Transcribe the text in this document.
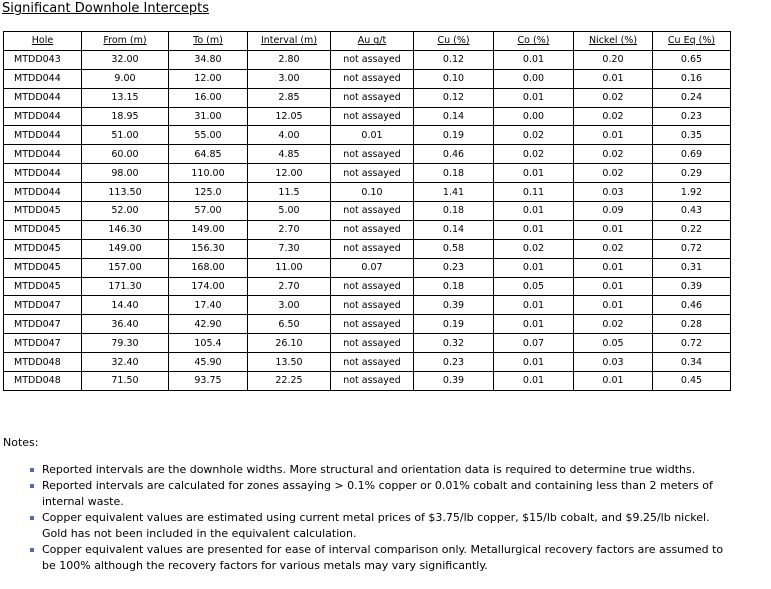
Significant Downhole Intercepts
Hole	From (m)	To (m)	Interval (m)	Au g/t	Cu (%)	Co (%)	Nickel (%)	Cu Eq (%)
MTDD043	32.00	34.80	2.80	not assayed	0.12	0.01	0.20	0.65
MTDD044	9.00	12.00	3.00	not assayed	0.10	0.00	0.01	0.16
MTDD044	13.15	16.00	2.85	not assayed	0.12	0.01	0.02	0.24
MTDD044	18.95	31.00	12.05	not assayed	0.14	0.00	0.02	0.23
MTDD044	51.00	55.00	4.00	0.01	0.19	0.02	0.01	0.35
MTDD044	60.00	64.85	4.85	not assayed	0.46	0.02	0.02	0.69
MTDD044	98.00	110.00	12.00	not assayed	0.18	0.01	0.02	0.29
MTDD044	113.50	125.0	11.5	0.10	1.41	0.11	0.03	1.92
MTDD045	52.00	57.00	5.00	not assayed	0.18	0.01	0.09	0.43
MTDD045	146.30	149.00	2.70	not assayed	0.14	0.01	0.01	0.22
MTDD045	149.00	156.30	7.30	not assayed	0.58	0.02	0.02	0.72
MTDD045	157.00	168.00	11.00	0.07	0.23	0.01	0.01	0.31
MTDD045	171.30	174.00	2.70	not assayed	0.18	0.05	0.01	0.39
MTDD047	14.40	17.40	3.00	not assayed	0.39	0.01	0.01	0.46
MTDD047	36.40	42.90	6.50	not assayed	0.19	0.01	0.02	0.28
MTDD047	79.30	105.4	26.10	not assayed	0.32	0.07	0.05	0.72
MTDD048	32.40	45.90	13.50	not assayed	0.23	0.01	0.03	0.34
MTDD048	71.50	93.75	22.25	not assayed	0.39	0.01	0.01	0.45
Notes:
Reported intervals are the downhole widths. More structural and orientation data is required to determine true widths.
Reported intervals are calculated for zones assaying > 0.1% copper or 0.01% cobalt and containing less than 2 meters of internal waste.
Copper equivalent values are estimated using current metal prices of $3.75/lb copper, $15/lb cobalt, and $9.25/lb nickel. Gold has not been included in the equivalent calculation.
Copper equivalent values are presented for ease of interval comparison only. Metallurgical recovery factors are assumed to be 100% although the recovery factors for various metals may vary significantly.
